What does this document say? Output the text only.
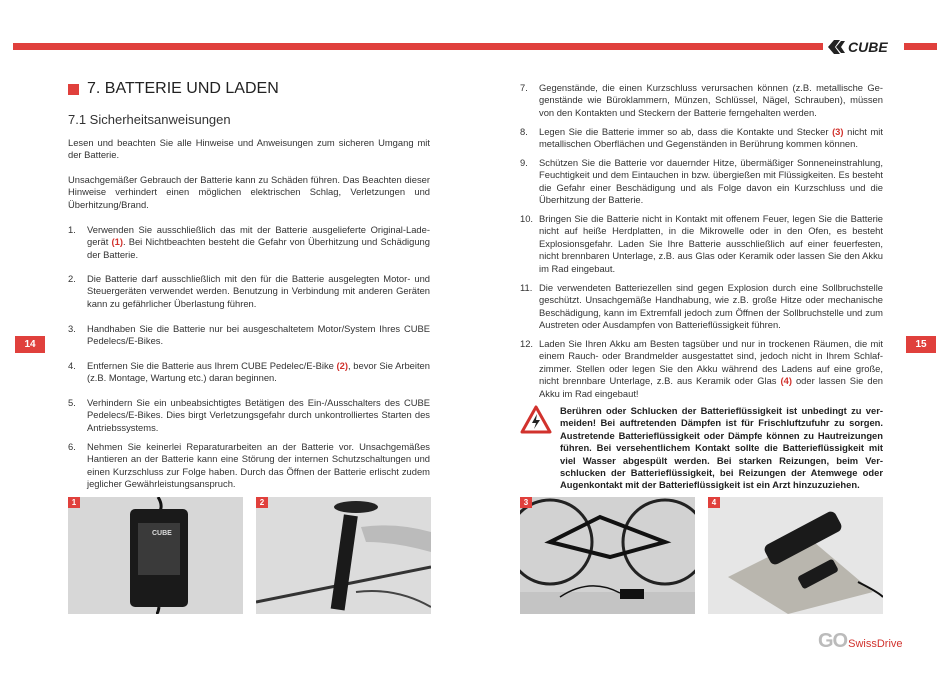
CUBE
14	15
7. BATTERIE UND LADEN
7.1 Sicherheitsanweisungen
Lesen und beachten Sie alle Hinweise und Anweisungen zum sicheren Umgang mit der Batterie.
Unsachgemäßer Gebrauch der Batterie kann zu Schäden führen. Das Beachten dieser Hinweise verhindert einen möglichen elektrischen Schlag, Verletzungen und Überhitzung/Brand.
1. Verwenden Sie ausschließlich das mit der Batterie ausgelieferte Original-Ladegerät (1). Bei Nichtbeachten besteht die Gefahr von Überhitzung und Schädigung der Batterie.
2. Die Batterie darf ausschließlich mit den für die Batterie ausgelegten Motor- und Steuergeräten verwendet werden. Benutzung in Verbindung mit anderen Geräten kann zu gefährlicher Überlastung führen.
3. Handhaben Sie die Batterie nur bei ausgeschaltetem Motor/System Ihres CUBE Pedelecs/E-Bikes.
4. Entfernen Sie die Batterie aus Ihrem CUBE Pedelec/E-Bike (2), bevor Sie Arbeiten (z.B. Montage, Wartung etc.) daran beginnen.
5. Verhindern Sie ein unbeabsichtigtes Betätigen des Ein-/Ausschalters des CUBE Pedelecs/E-Bikes. Dies birgt Verletzungsgefahr durch unkontrolliertes Starten des Antriebssystems.
6. Nehmen Sie keinerlei Reparaturarbeiten an der Batterie vor. Unsachgemäßes Hantieren an der Batterie kann eine Störung der internen Schutzschaltungen und einen Kurzschluss zur Folge haben. Durch das Öffnen der Batterie erlischt zudem jeglicher Gewährleistungsanspruch.
7. Gegenstände, die einen Kurzschluss verursachen können (z.B. metallische Gegenstände wie Büroklammern, Münzen, Schlüssel, Nägel, Schrauben), müssen von den Kontakten und Steckern der Batterie ferngehalten werden.
8. Legen Sie die Batterie immer so ab, dass die Kontakte und Stecker (3) nicht mit metallischen Oberflächen und Gegenständen in Berührung kommen können.
9. Schützen Sie die Batterie vor dauernder Hitze, übermäßiger Sonneneinstrahlung, Feuchtigkeit und dem Eintauchen in bzw. übergießen mit Flüssigkeiten. Es besteht die Gefahr einer Beschädigung und als Folge davon ein Kurzschluss und die Überhitzung der Batterie.
10. Bringen Sie die Batterie nicht in Kontakt mit offenem Feuer, legen Sie die Batterie nicht auf heiße Herdplatten, in die Mikrowelle oder in den Ofen, es besteht Explosionsgefahr. Laden Sie Ihre Batterie ausschließlich auf einer feuerfesten, nicht brennbaren Unterlage, z.B. aus Glas oder Keramik oder lassen Sie den Akku im Rad eingebaut.
11. Die verwendeten Batteriezellen sind gegen Explosion durch eine Sollbruchstelle geschützt. Unsachgemäße Handhabung, wie z.B. große Hitze oder mechanische Beschädigung, kann im Extremfall jedoch zum Öffnen der Sollbruchstelle und zum Austreten oder Ausdampfen von Batterieflüssigkeit führen.
12. Laden Sie Ihren Akku am Besten tagsüber und nur in trockenen Räumen, die mit einem Rauch- oder Brandmelder ausgestattet sind, jedoch nicht in Ihrem Schlafzimmer. Stellen oder legen Sie den Akku während des Ladens auf eine große, nicht brennbare Unterlage, z.B. aus Keramik oder Glas (4) oder lassen Sie den Akku im Rad eingebaut!
Berühren oder Schlucken der Batterieflüssigkeit ist unbedingt zu vermeiden! Bei auftretenden Dämpfen ist für Frischluftzufuhr zu sorgen. Austretende Batterieflüssigkeit oder Dämpfe können zu Hautreizungen führen. Bei versehentlichem Kontakt sollte die Batterieflüssigkeit mit viel Wasser abgespült werden. Bei starken Reizungen, beim Verschlucken der Batterieflüssigkeit, bei Reizungen der Atemwege oder Augenkontakt mit der Batterieflüssigkeit ist ein Arzt hinzuzuziehen.
1
CUBE
2	3	4
GOSwissDrive
